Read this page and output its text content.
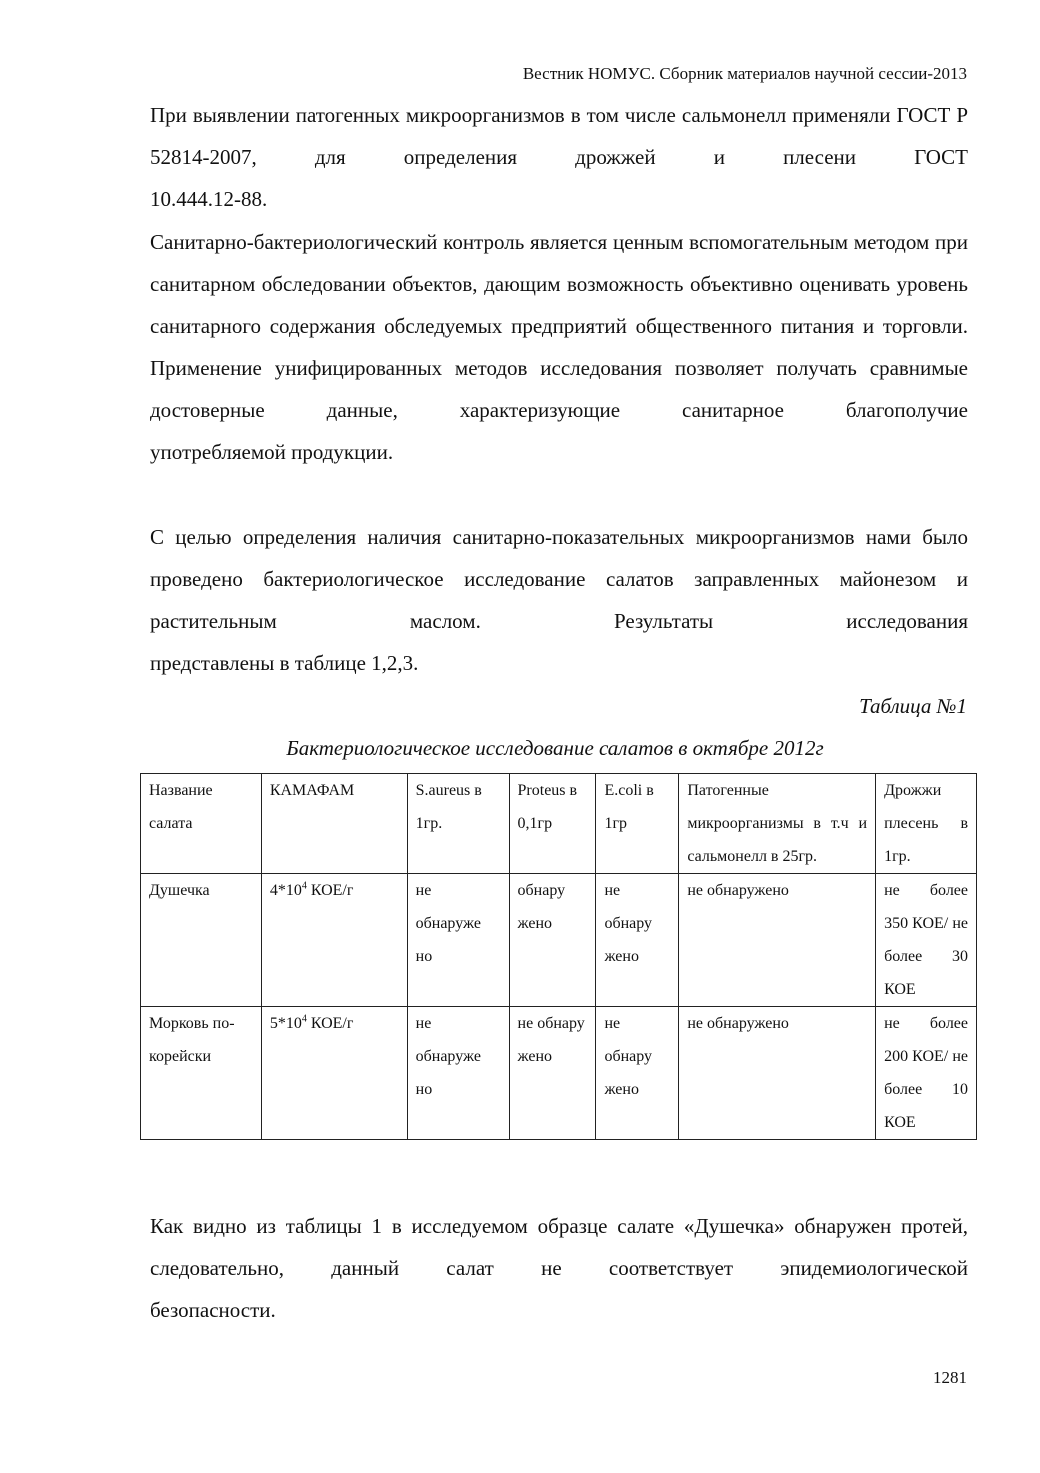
Вестник НОМУС. Сборник материалов научной сессии-2013
При выявлении патогенных микроорганизмов в том числе сальмонелл применяли ГОСТ Р 52814-2007, для определения дрожжей и плесени ГОСТ
10.444.12-88.
Санитарно-бактериологический контроль является ценным вспомогательным методом при санитарном обследовании объектов, дающим возможность объективно оценивать уровень санитарного содержания обследуемых предприятий общественного питания и торговли. Применение унифицированных методов исследования позволяет получать сравнимые достоверные данные, характеризующие санитарное благополучие
употребляемой продукции.
С целью определения наличия санитарно-показательных микроорганизмов нами было проведено бактериологическое исследование салатов заправленных майонезом и растительным маслом. Результаты исследования
представлены в таблице 1,2,3.
Таблица №1
Бактериологическое исследование салатов в октябре 2012г
Название салата	КАМАФАМ	S.aureus в 1гр.	Proteus в 0,1гр	E.coli в 1гр	Патогенные микроорганизмы в т.ч и сальмонелл в 25гр.	Дрожжи плесень в 1гр.
Душечка	$4*10^4$ КОЕ/г	не обнаруже но	обнару жено	не обнару жено	не обнаружено	не более 350 КОЕ/ не более 30 КОЕ
Морковь по-корейски	$5*10^4$ КОЕ/г	не обнаруже но	не обнару жено	не обнару жено	не обнаружено	не более 200 КОЕ/ не более 10 КОЕ
Как видно из таблицы 1 в исследуемом образце салате «Душечка» обнаружен протей, следовательно, данный салат не соответствует эпидемиологической
безопасности.
1281
